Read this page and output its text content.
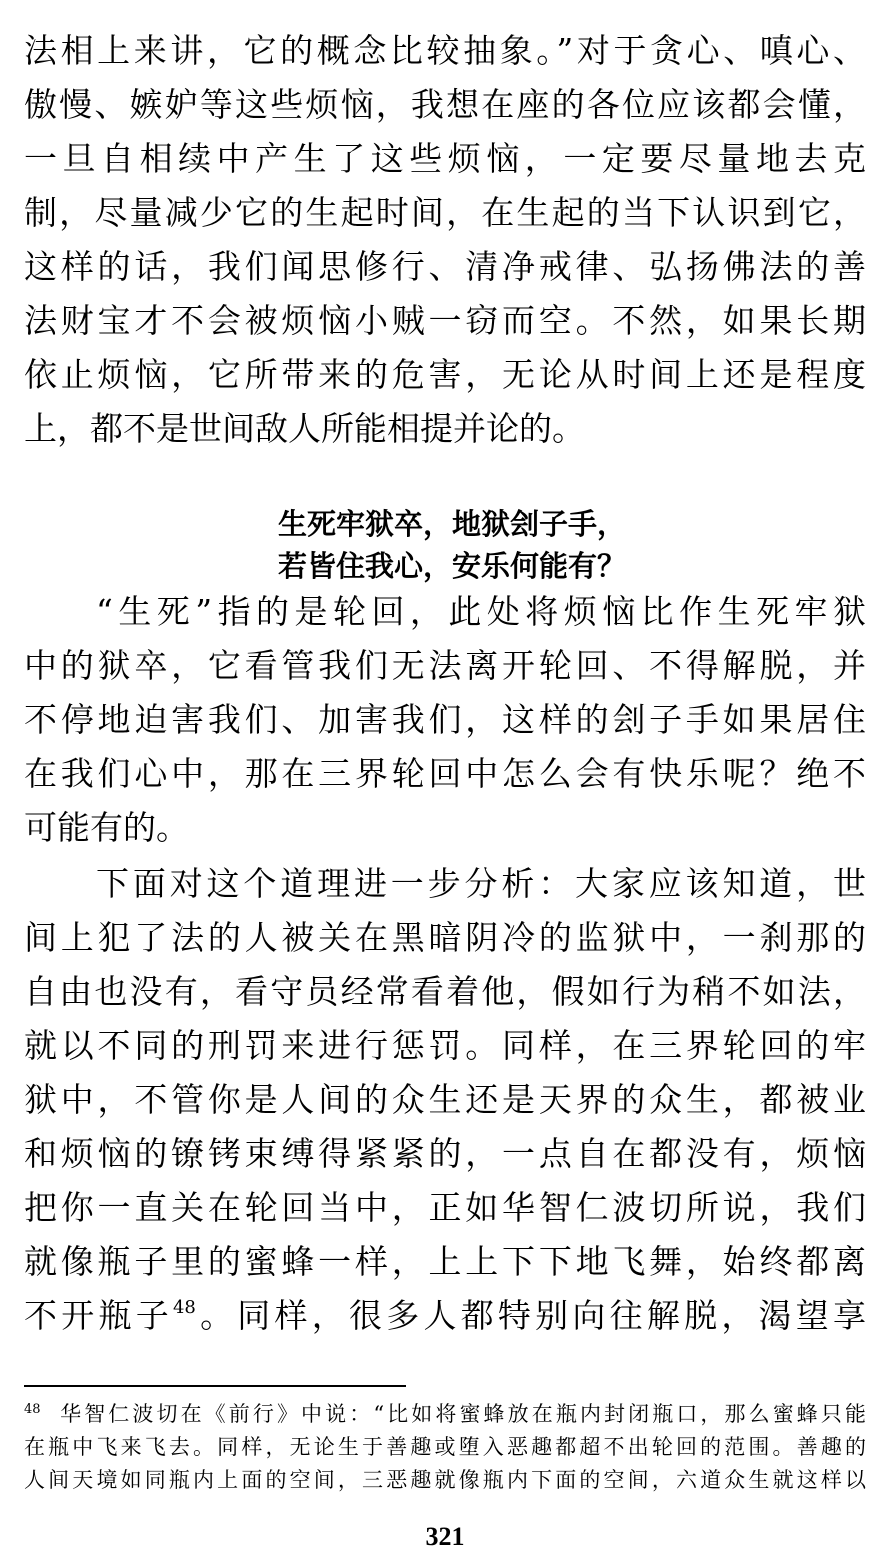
法相上来讲，它的概念比较抽象。”对于贪心、嗔心、
傲慢、嫉妒等这些烦恼，我想在座的各位应该都会懂，
一旦自相续中产生了这些烦恼，一定要尽量地去克
制，尽量减少它的生起时间，在生起的当下认识到它，
这样的话，我们闻思修行、清净戒律、弘扬佛法的善
法财宝才不会被烦恼小贼一窃而空。不然，如果长期
依止烦恼，它所带来的危害，无论从时间上还是程度
上，都不是世间敌人所能相提并论的。
生死牢狱卒，地狱刽子手，
若皆住我心，安乐何能有？
“生死”指的是轮回，此处将烦恼比作生死牢狱
中的狱卒，它看管我们无法离开轮回、不得解脱，并
不停地迫害我们、加害我们，这样的刽子手如果居住
在我们心中，那在三界轮回中怎么会有快乐呢？绝不
可能有的。
下面对这个道理进一步分析：大家应该知道，世
间上犯了法的人被关在黑暗阴冷的监狱中，一刹那的
自由也没有，看守员经常看着他，假如行为稍不如法，
就以不同的刑罚来进行惩罚。同样，在三界轮回的牢
狱中，不管你是人间的众生还是天界的众生，都被业
和烦恼的镣铐束缚得紧紧的，一点自在都没有，烦恼
把你一直关在轮回当中，正如华智仁波切所说，我们
就像瓶子里的蜜蜂一样，上上下下地飞舞，始终都离
不开瓶子$^{48}$。同样，很多人都特别向往解脱，渴望享
$^{48}$ 华智仁波切在《前行》中说：“比如将蜜蜂放在瓶内封闭瓶口，那么蜜蜂只能
在瓶中飞来飞去。同样，无论生于善趣或堕入恶趣都超不出轮回的范围。善趣的
人间天境如同瓶内上面的空间，三恶趣就像瓶内下面的空间，六道众生就这样以
321
